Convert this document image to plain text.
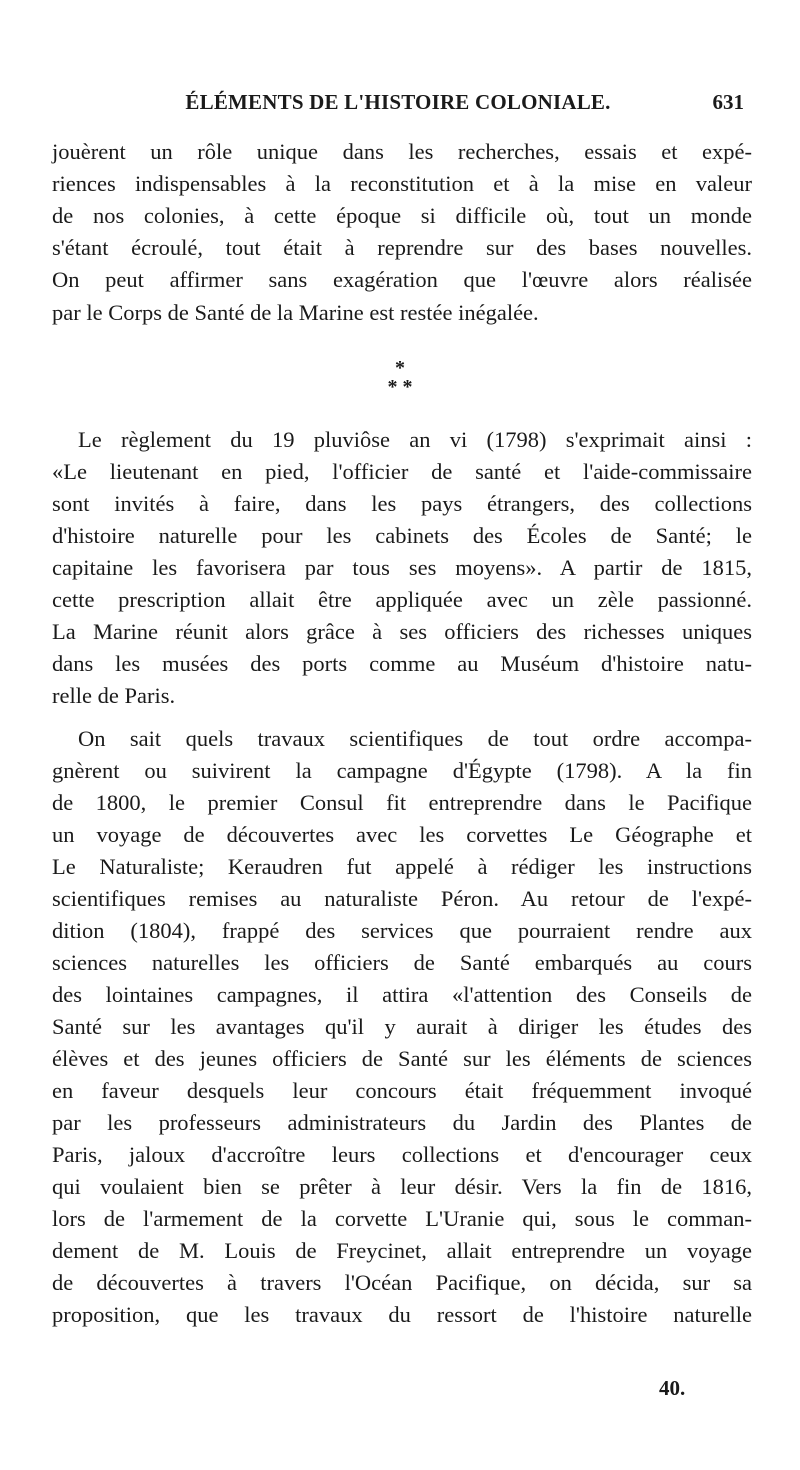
ÉLÉMENTS DE L'HISTOIRE COLONIALE.	631
jouèrent un rôle unique dans les recherches, essais et expé-
riences indispensables à la reconstitution et à la mise en valeur
de nos colonies, à cette époque si difficile où, tout un monde
s'étant écroulé, tout était à reprendre sur des bases nouvelles.
On peut affirmer sans exagération que l'œuvre alors réalisée
par le Corps de Santé de la Marine est restée inégalée.
*
* *
Le règlement du 19 pluviôse an vi (1798) s'exprimait ainsi :
«Le lieutenant en pied, l'officier de santé et l'aide-commissaire
sont invités à faire, dans les pays étrangers, des collections
d'histoire naturelle pour les cabinets des Écoles de Santé; le
capitaine les favorisera par tous ses moyens». A partir de 1815,
cette prescription allait être appliquée avec un zèle passionné.
La Marine réunit alors grâce à ses officiers des richesses uniques
dans les musées des ports comme au Muséum d'histoire natu-
relle de Paris.
On sait quels travaux scientifiques de tout ordre accompa-
gnèrent ou suivirent la campagne d'Égypte (1798). A la fin
de 1800, le premier Consul fit entreprendre dans le Pacifique
un voyage de découvertes avec les corvettes Le Géographe et
Le Naturaliste; Keraudren fut appelé à rédiger les instructions
scientifiques remises au naturaliste Péron. Au retour de l'expé-
dition (1804), frappé des services que pourraient rendre aux
sciences naturelles les officiers de Santé embarqués au cours
des lointaines campagnes, il attira «l'attention des Conseils de
Santé sur les avantages qu'il y aurait à diriger les études des
élèves et des jeunes officiers de Santé sur les éléments de sciences
en faveur desquels leur concours était fréquemment invoqué
par les professeurs administrateurs du Jardin des Plantes de
Paris, jaloux d'accroître leurs collections et d'encourager ceux
qui voulaient bien se prêter à leur désir. Vers la fin de 1816,
lors de l'armement de la corvette L'Uranie qui, sous le comman-
dement de M. Louis de Freycinet, allait entreprendre un voyage
de découvertes à travers l'Océan Pacifique, on décida, sur sa
proposition, que les travaux du ressort de l'histoire naturelle
40.
